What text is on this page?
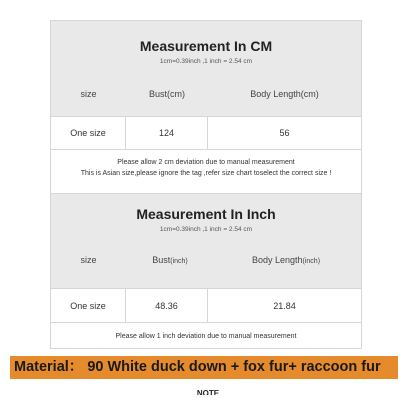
Measurement In CM
1cm=0.39inch ,1 inch = 2.54 cm
size	Bust(cm)	Body Length(cm)
One size	124	56
Please allow 2 cm deviation due to manual measurement
This is Asian size,please ignore the tag ,refer size chart toselect the correct size !
Measurement In Inch
1cm=0.39inch ,1 inch = 2.54 cm
size	Bust(inch)	Body Length(inch)
One size	48.36	21.84
Please allow 1 inch deviation due to manual measurement
Material： 90 White duck down + fox fur+ raccoon fur
NOTE
